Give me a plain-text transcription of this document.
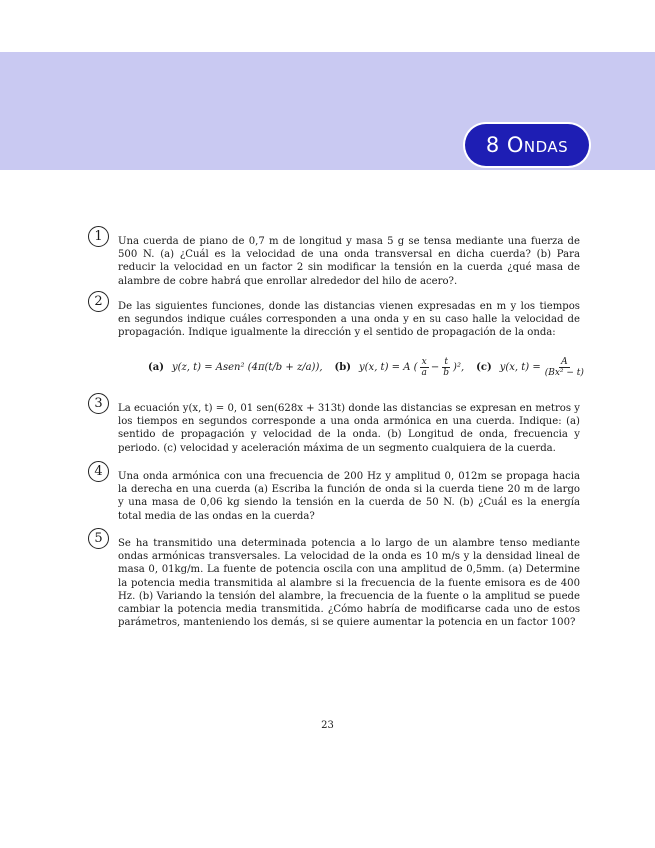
8 Ondas
1	Una cuerda de piano de 0,7 m de longitud y masa 5 g se tensa mediante una fuerza de 500 N. (a) ¿Cuál es la velocidad de una onda transversal en dicha cuerda? (b) Para reducir la velocidad en un factor 2 sin modificar la tensión en la cuerda ¿qué masa de alambre de cobre habrá que enrollar alrededor del hilo de acero?.

2	De las siguientes funciones, donde las distancias vienen expresadas en m y los tiempos en segundos indique cuáles corresponden a una onda y en su caso halle la velocidad de propagación. Indique igualmente la dirección y el sentido de propagación de la onda:

(a) y(z, t) = Asen² (4π(t/b + z/a)), (b) y(x, t) = A ( $\frac{x}{a} - \frac{t}{b} )^2$, (c) y(x, $t) = \frac{A}{\text{(Bx² − t)}}$
3	La ecuación y(x, t) = 0, 01 sen(628x + 313t) donde las distancias se expresan en metros y los tiempos en segundos corresponde a una onda armónica en una cuerda. Indique: (a) sentido de propagación y velocidad de la onda. (b) Longitud de onda, frecuencia y periodo. (c) velocidad y aceleración máxima de un segmento cualquiera de la cuerda.

4	Una onda armónica con una frecuencia de 200 Hz y amplitud 0, 012m se propaga hacia la derecha en una cuerda (a) Escriba la función de onda si la cuerda tiene 20 m de largo y una masa de 0,06 kg siendo la tensión en la cuerda de 50 N. (b) ¿Cuál es la energía total media de las ondas en la cuerda?

5	Se ha transmitido una determinada potencia a lo largo de un alambre tenso mediante ondas armónicas transversales. La velocidad de la onda es 10 m/s y la densidad lineal de masa 0, 01kg/m. La fuente de potencia oscila con una amplitud de 0,5mm. (a) Determine la potencia media transmitida al alambre si la frecuencia de la fuente emisora es de 400 Hz. (b) Variando la tensión del alambre, la frecuencia de la fuente o la amplitud se puede cambiar la potencia media transmitida. ¿Cómo habría de modificarse cada uno de estos parámetros, manteniendo los demás, si se quiere aumentar la potencia en un factor 100?

23
